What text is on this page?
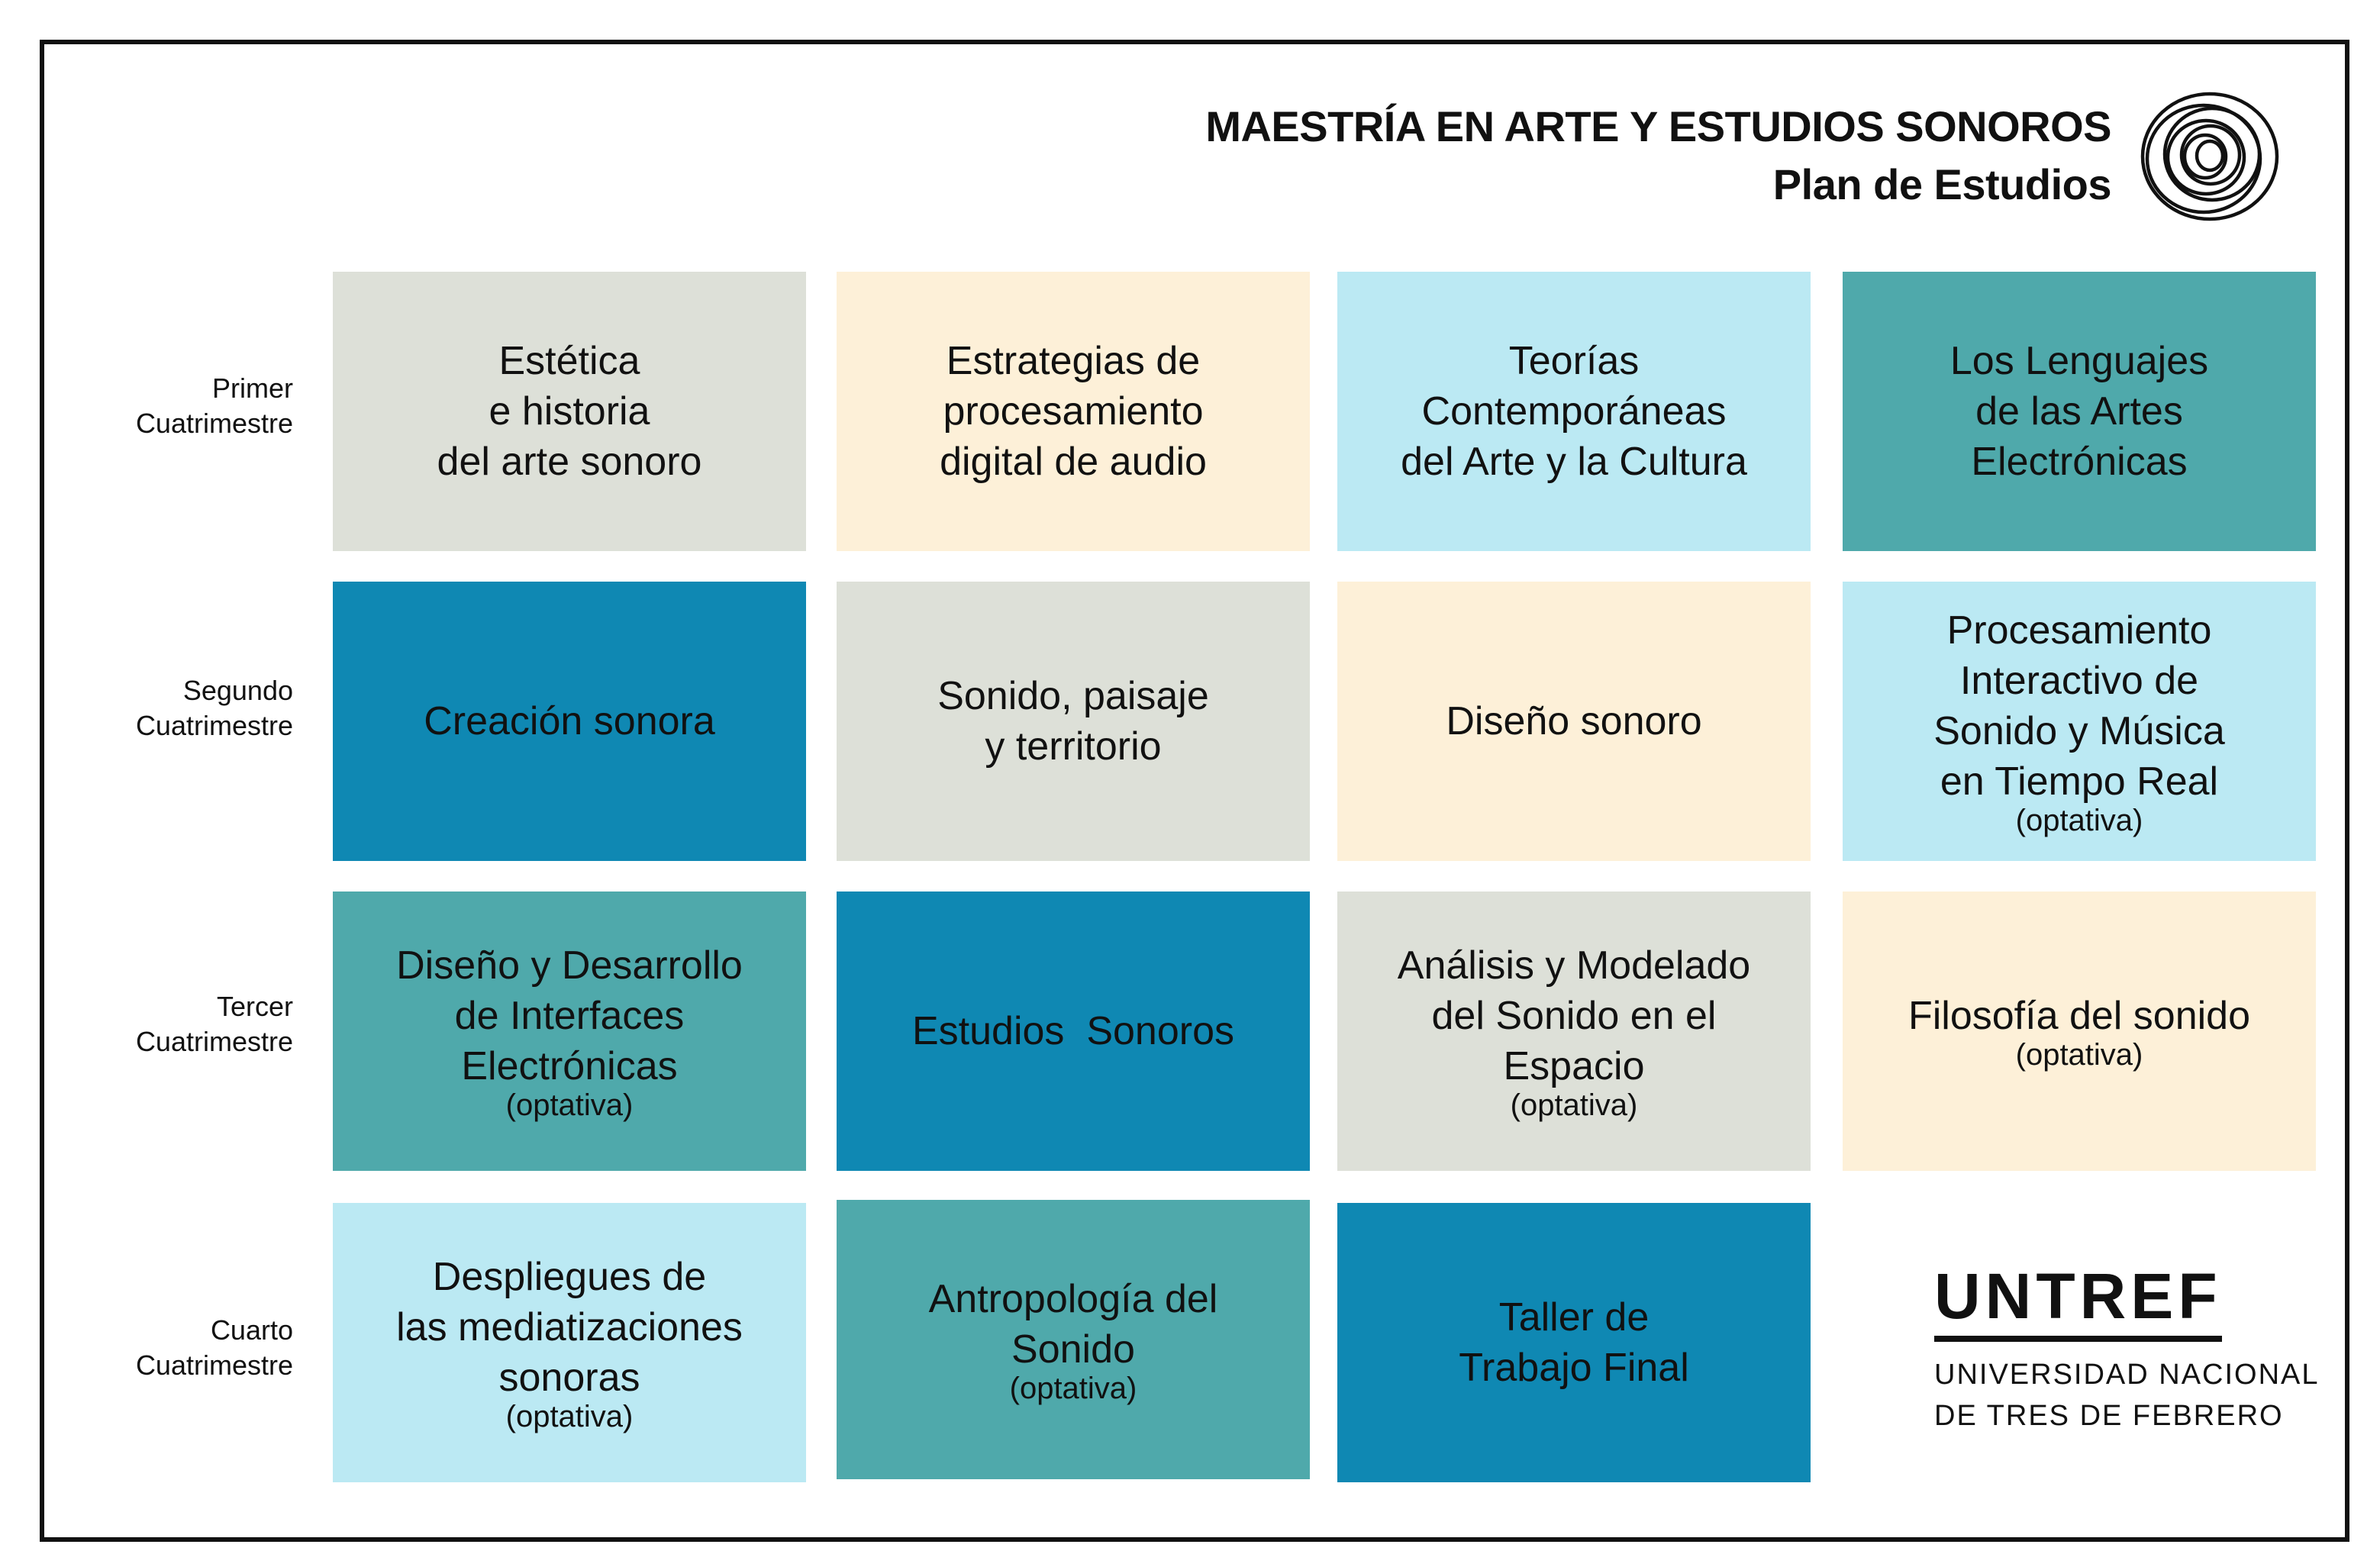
MAESTRÍA EN ARTE Y ESTUDIOS SONOROS
Plan de Estudios
Primer
Cuatrimestre
Segundo
Cuatrimestre
Tercer
Cuatrimestre
Cuarto
Cuatrimestre
Estética
e historia
del arte sonoro
Estrategias de
procesamiento
digital de audio
Teorías
Contemporáneas
del Arte y la Cultura
Los Lenguajes
de las Artes
Electrónicas
Creación sonora
Sonido, paisaje
y territorio
Diseño sonoro
Procesamiento
Interactivo de
Sonido y Música
en Tiempo Real
(optativa)
Diseño y Desarrollo
de Interfaces
Electrónicas
(optativa)
Estudios  Sonoros
Análisis y Modelado
del Sonido en el
Espacio
(optativa)
Filosofía del sonido
(optativa)
Despliegues de
las mediatizaciones
sonoras
(optativa)
Antropología del
Sonido
(optativa)
Taller de
Trabajo Final
UNTREF
UNIVERSIDAD NACIONAL
DE TRES DE FEBRERO
